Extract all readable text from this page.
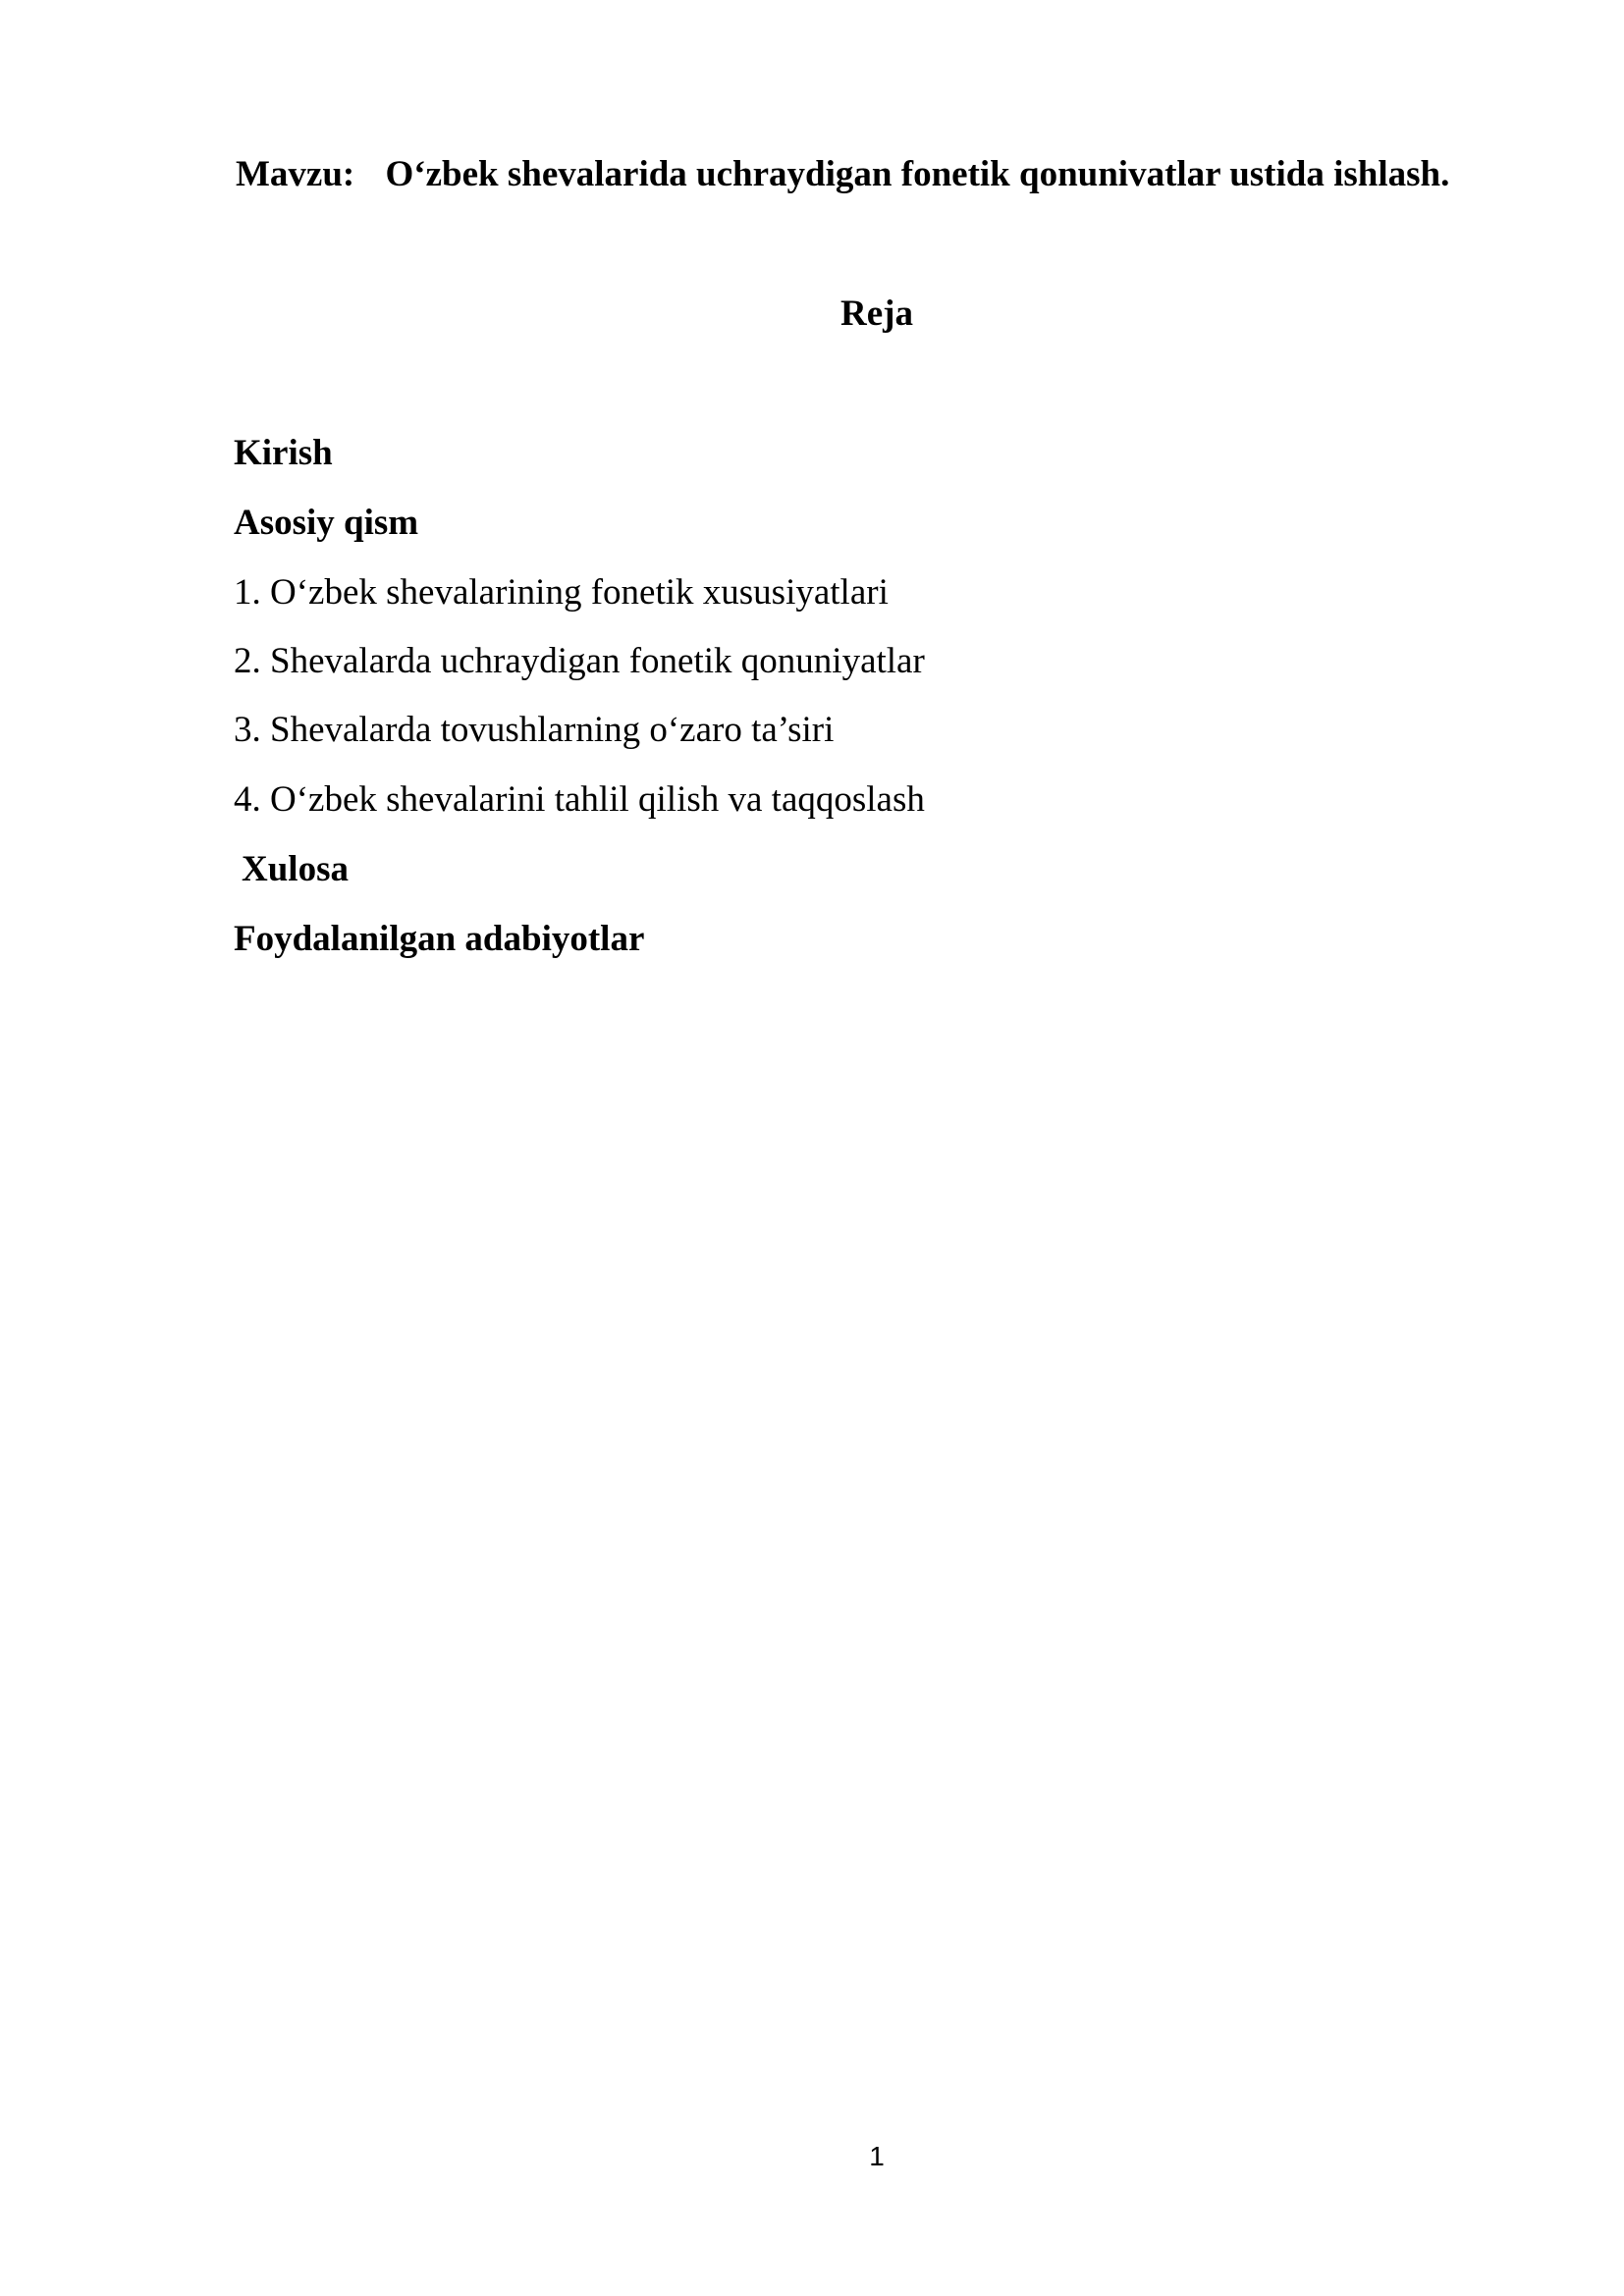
Mavzu: O‘zbek shevalarida uchraydigan fonetik qonunivatlar ustida ishlash.
Reja
Kirish
Asosiy qism
1. O‘zbek shevalarining fonetik xususiyatlari
2. Shevalarda uchraydigan fonetik qonuniyatlar
3. Shevalarda tovushlarning o‘zaro ta’siri
4. O‘zbek shevalarini tahlil qilish va taqqoslash
Xulosa
Foydalanilgan adabiyotlar
1
